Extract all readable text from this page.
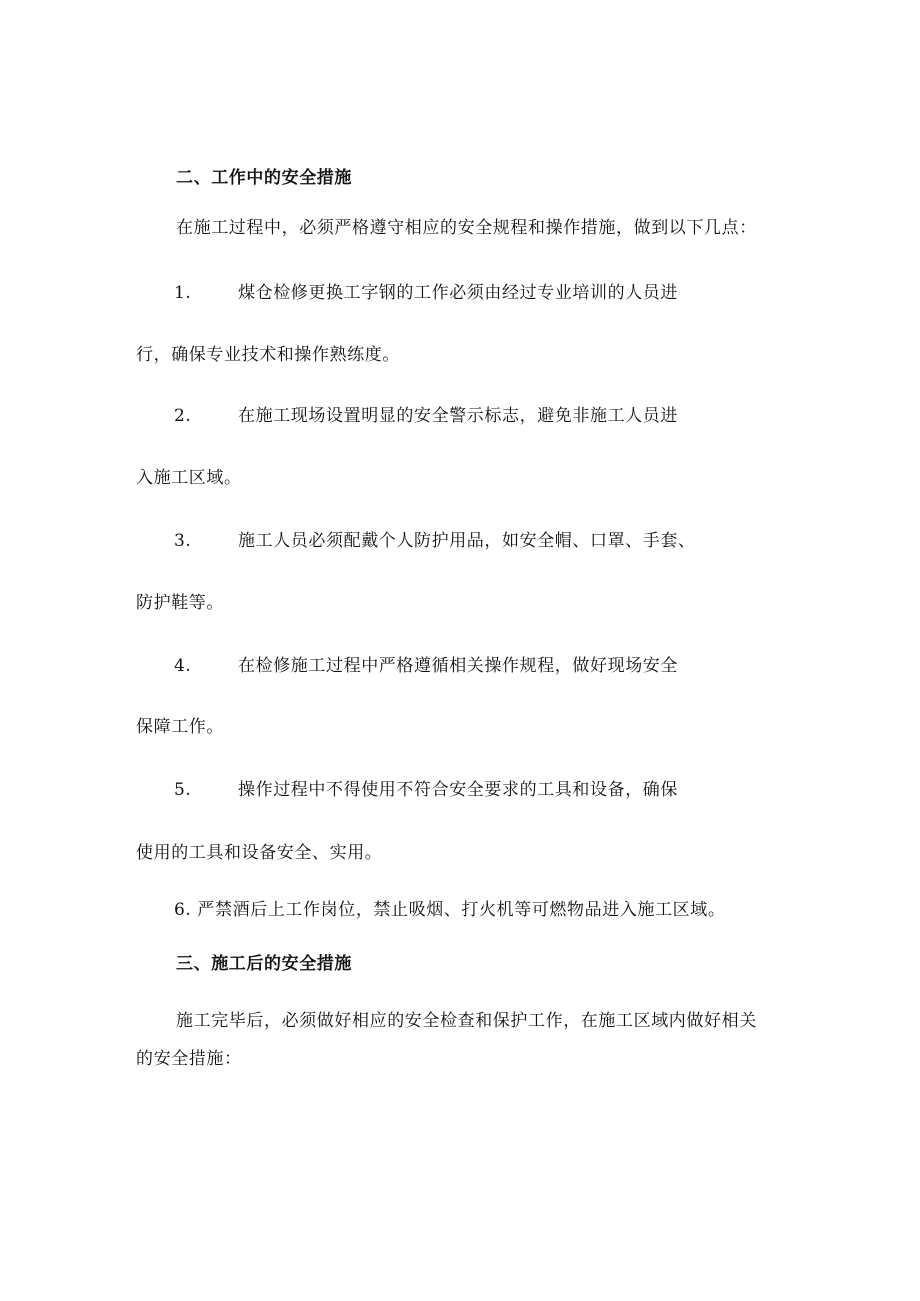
二、工作中的安全措施
在施工过程中，必须严格遵守相应的安全规程和操作措施，做到以下几点：
1.	煤仓检修更换工字钢的工作必须由经过专业培训的人员进
行，确保专业技术和操作熟练度。
2.	在施工现场设置明显的安全警示标志，避免非施工人员进
入施工区域。
3.	施工人员必须配戴个人防护用品，如安全帽、口罩、手套、
防护鞋等。
4.	在检修施工过程中严格遵循相关操作规程，做好现场安全
保障工作。
5.	操作过程中不得使用不符合安全要求的工具和设备，确保
使用的工具和设备安全、实用。
6. 严禁酒后上工作岗位，禁止吸烟、打火机等可燃物品进入施工区域。
三、施工后的安全措施
施工完毕后，必须做好相应的安全检查和保护工作，在施工区域内做好相关
的安全措施：
